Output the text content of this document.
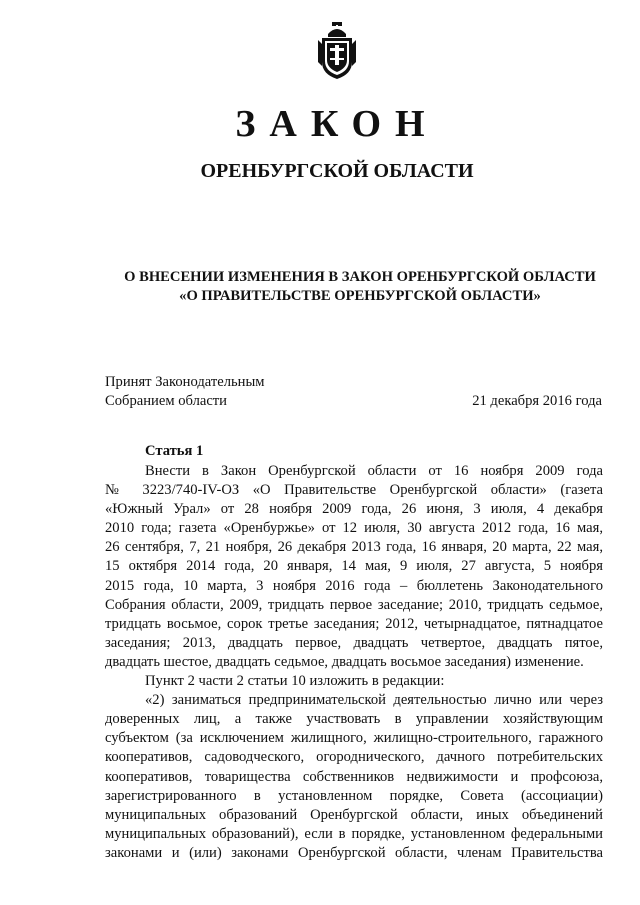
ЗАКОН
ОРЕНБУРГСКОЙ ОБЛАСТИ
О ВНЕСЕНИИ ИЗМЕНЕНИЯ В ЗАКОН ОРЕНБУРГСКОЙ ОБЛАСТИ
«О ПРАВИТЕЛЬСТВЕ ОРЕНБУРГСКОЙ ОБЛАСТИ»
Принят Законодательным
Собранием области	21 декабря 2016 года
Статья 1
Внести в Закон Оренбургской области от 16 ноября 2009 года
№ 3223/740-IV-ОЗ «О Правительстве Оренбургской области» (газета
«Южный Урал» от 28 ноября 2009 года, 26 июня, 3 июля, 4 декабря
2010 года; газета «Оренбуржье» от 12 июля, 30 августа 2012 года, 16 мая,
26 сентября, 7, 21 ноября, 26 декабря 2013 года, 16 января, 20 марта, 22 мая,
15 октября 2014 года, 20 января, 14 мая, 9 июля, 27 августа, 5 ноября
2015 года, 10 марта, 3 ноября 2016 года – бюллетень Законодательного
Собрания области, 2009, тридцать первое заседание; 2010, тридцать седьмое,
тридцать восьмое, сорок третье заседания; 2012, четырнадцатое, пятнадцатое
заседания; 2013, двадцать первое, двадцать четвертое, двадцать пятое,
двадцать шестое, двадцать седьмое, двадцать восьмое заседания) изменение.
Пункт 2 части 2 статьи 10 изложить в редакции:
«2) заниматься предпринимательской деятельностью лично или через
доверенных лиц, а также участвовать в управлении хозяйствующим
субъектом (за исключением жилищного, жилищно-строительного, гаражного
кооперативов, садоводческого, огороднического, дачного потребительских
кооперативов, товарищества собственников недвижимости и профсоюза,
зарегистрированного в установленном порядке, Совета (ассоциации)
муниципальных образований Оренбургской области, иных объединений
муниципальных образований), если в порядке, установленном федеральными
законами и (или) законами Оренбургской области, членам Правительства
